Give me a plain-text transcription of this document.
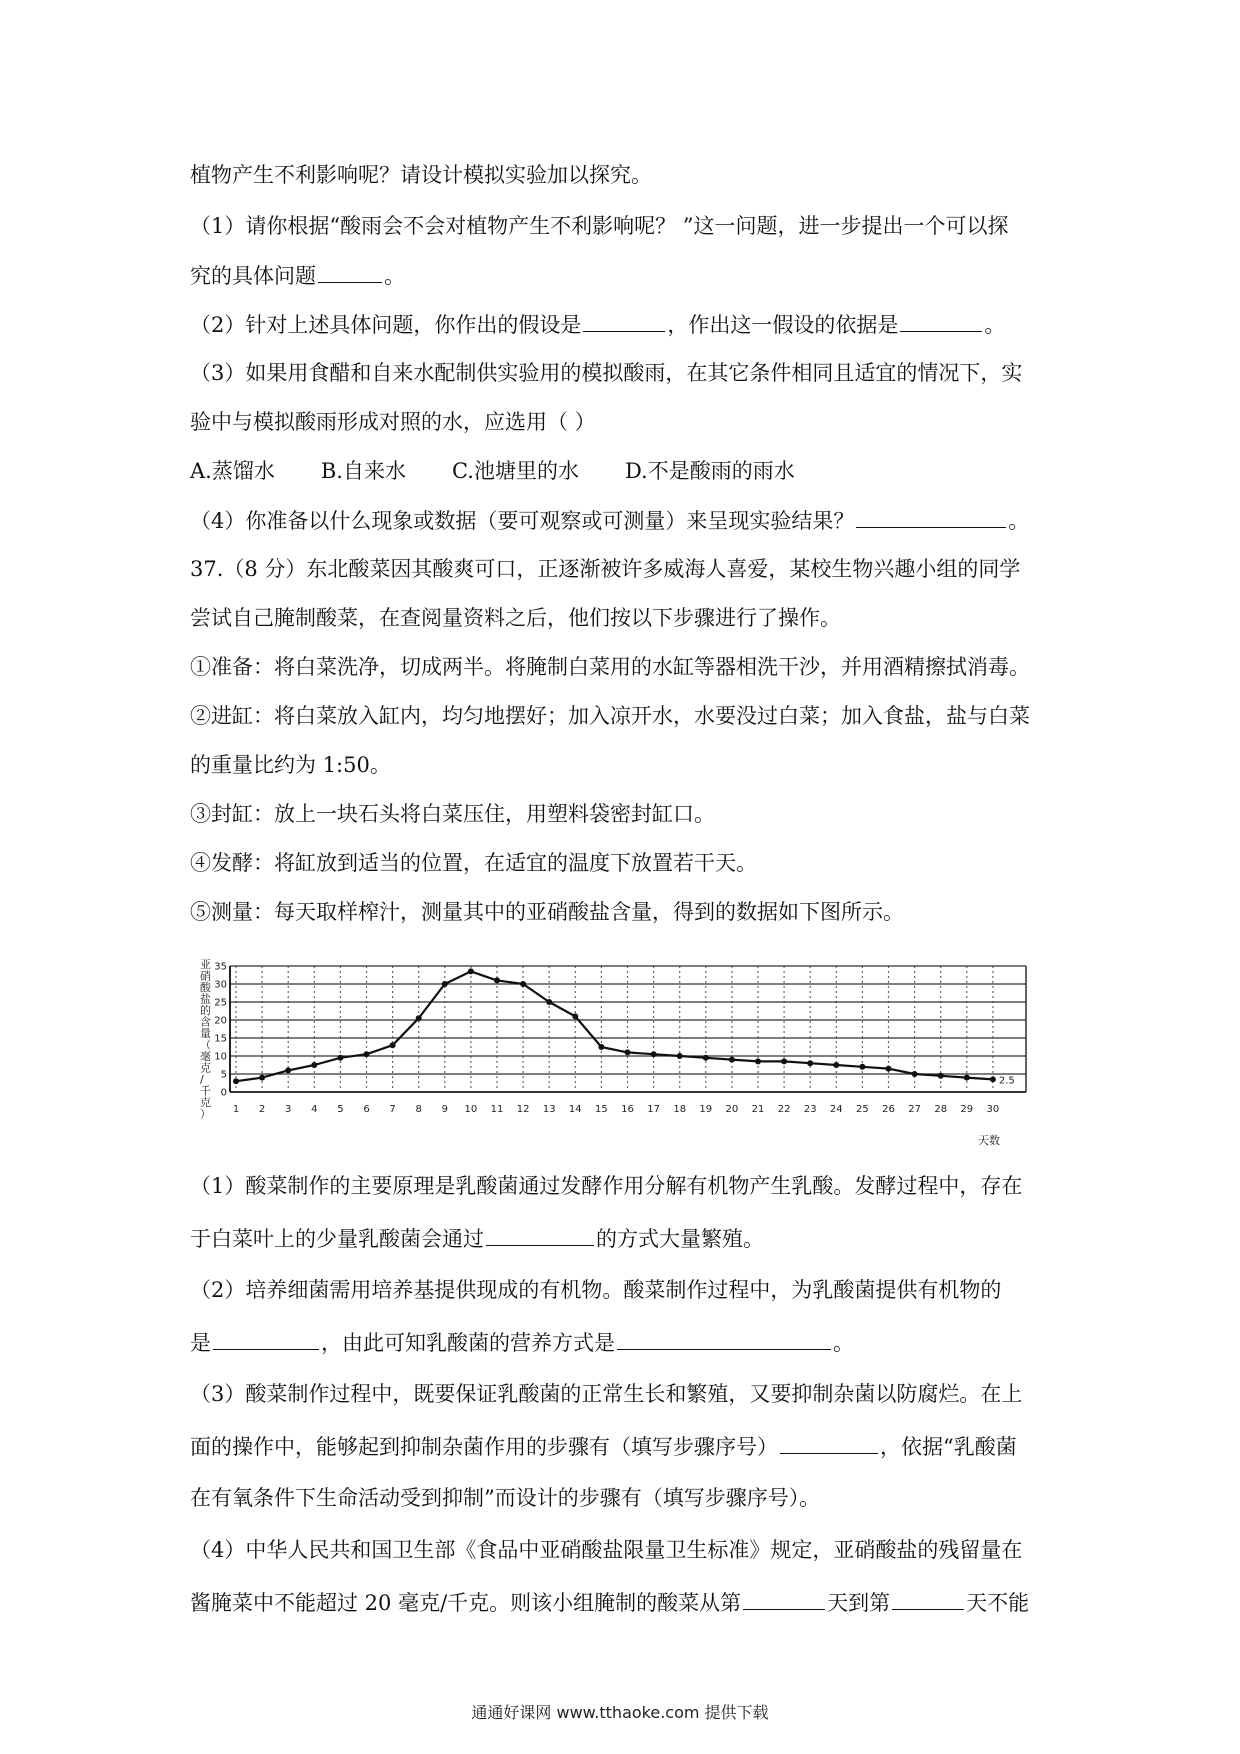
植物产生不利影响呢？请设计模拟实验加以探究。
（1）请你根据“酸雨会不会对植物产生不利影响呢？ ”这一问题，进一步提出一个可以探
究的具体问题	。
（2）针对上述具体问题，你作出的假设是	，作出这一假设的依据是	。
（3）如果用食醋和自来水配制供实验用的模拟酸雨，在其它条件相同且适宜的情况下，实
验中与模拟酸雨形成对照的水，应选用（ ）
A.蒸馏水 B.自来水 C.池塘里的水 D.不是酸雨的雨水
（4）你准备以什么现象或数据（要可观察或可测量）来呈现实验结果？	。
37.（8 分）东北酸菜因其酸爽可口，正逐渐被许多威海人喜爱，某校生物兴趣小组的同学
尝试自己腌制酸菜，在查阅量资料之后，他们按以下步骤进行了操作。
①准备：将白菜洗净，切成两半。将腌制白菜用的水缸等器相洗干沙，并用酒精擦拭消毒。
②进缸：将白菜放入缸内，均匀地摆好；加入凉开水，水要没过白菜；加入食盐，盐与白菜
的重量比约为 1:50。
③封缸：放上一块石头将白菜压住，用塑料袋密封缸口。
④发酵：将缸放到适当的位置，在适宜的温度下放置若干天。
⑤测量：每天取样榨汁，测量其中的亚硝酸盐含量，得到的数据如下图所示。
0
5
10
15
20
25
30
35
1 2 3 4 5 6 7 8 9 10 11 12 13 14 15 16 17 18 19 20 21 22 23 24 25 26 27 28 29 30
亚硝酸盐的含量（毫克/千克）
天数
2.5
（1）酸菜制作的主要原理是乳酸菌通过发酵作用分解有机物产生乳酸。发酵过程中，存在
于白菜叶上的少量乳酸菌会通过	的方式大量繁殖。
（2）培养细菌需用培养基提供现成的有机物。酸菜制作过程中，为乳酸菌提供有机物的
是	，由此可知乳酸菌的营养方式是	。
（3）酸菜制作过程中，既要保证乳酸菌的正常生长和繁殖，又要抑制杂菌以防腐烂。在上
面的操作中，能够起到抑制杂菌作用的步骤有（填写步骤序号）	，依据“乳酸菌
在有氧条件下生命活动受到抑制”而设计的步骤有（填写步骤序号）。
（4）中华人民共和国卫生部《食品中亚硝酸盐限量卫生标准》规定，亚硝酸盐的残留量在
酱腌菜中不能超过 20 毫克/千克。则该小组腌制的酸菜从第	天到第	天不能
通通好课网 www.tthaoke.com 提供下载
